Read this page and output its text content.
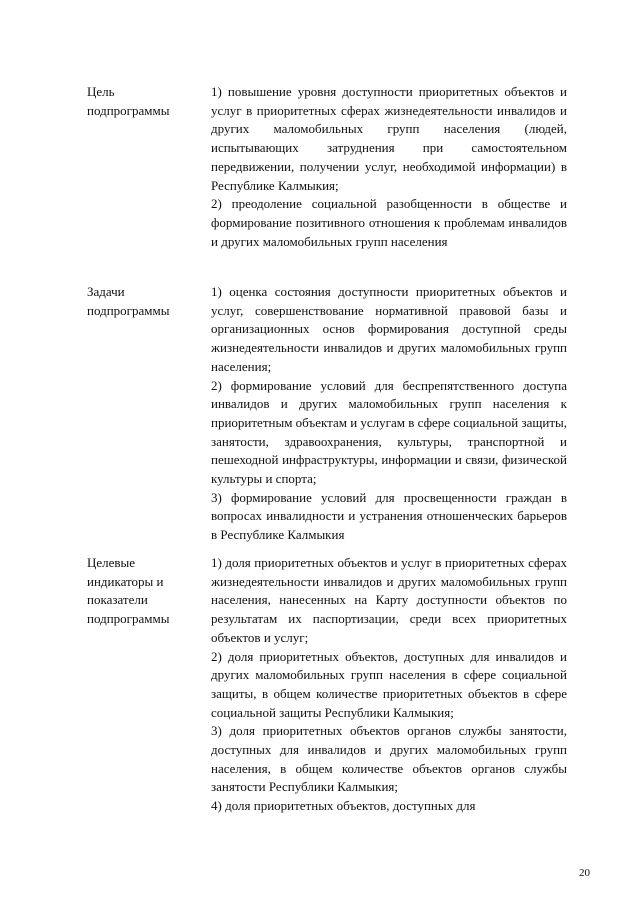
Цель
подпрограммы
1) повышение уровня доступности приоритетных объектов и услуг в приоритетных сферах жизнедеятельности инвалидов и других маломобильных групп населения (людей, испытывающих затруднения при самостоятельном передвижении, получении услуг, необходимой информации) в Республике Калмыкия;
2) преодоление социальной разобщенности в обществе и формирование позитивного отношения к проблемам инвалидов и других маломобильных групп населения
Задачи
подпрограммы
1) оценка состояния доступности приоритетных объектов и услуг, совершенствование нормативной правовой базы и организационных основ формирования доступной среды жизнедеятельности инвалидов и других маломобильных групп населения;
2) формирование условий для беспрепятственного доступа инвалидов и других маломобильных групп населения к приоритетным объектам и услугам в сфере социальной защиты, занятости, здравоохранения, культуры, транспортной и пешеходной инфраструктуры, информации и связи, физической культуры и спорта;
3) формирование условий для просвещенности граждан в вопросах инвалидности и устранения отношенческих барьеров в Республике Калмыкия
Целевые
индикаторы и
показатели
подпрограммы
1) доля приоритетных объектов и услуг в приоритетных сферах жизнедеятельности инвалидов и других маломобильных групп населения, нанесенных на Карту доступности объектов по результатам их паспортизации, среди всех приоритетных объектов и услуг;
2) доля приоритетных объектов, доступных для инвалидов и других маломобильных групп населения в сфере социальной защиты, в общем количестве приоритетных объектов в сфере социальной защиты Республики Калмыкия;
3) доля приоритетных объектов органов службы занятости, доступных для инвалидов и других маломобильных групп населения, в общем количестве объектов органов службы занятости Республики Калмыкия;
4) доля приоритетных объектов, доступных для
20
